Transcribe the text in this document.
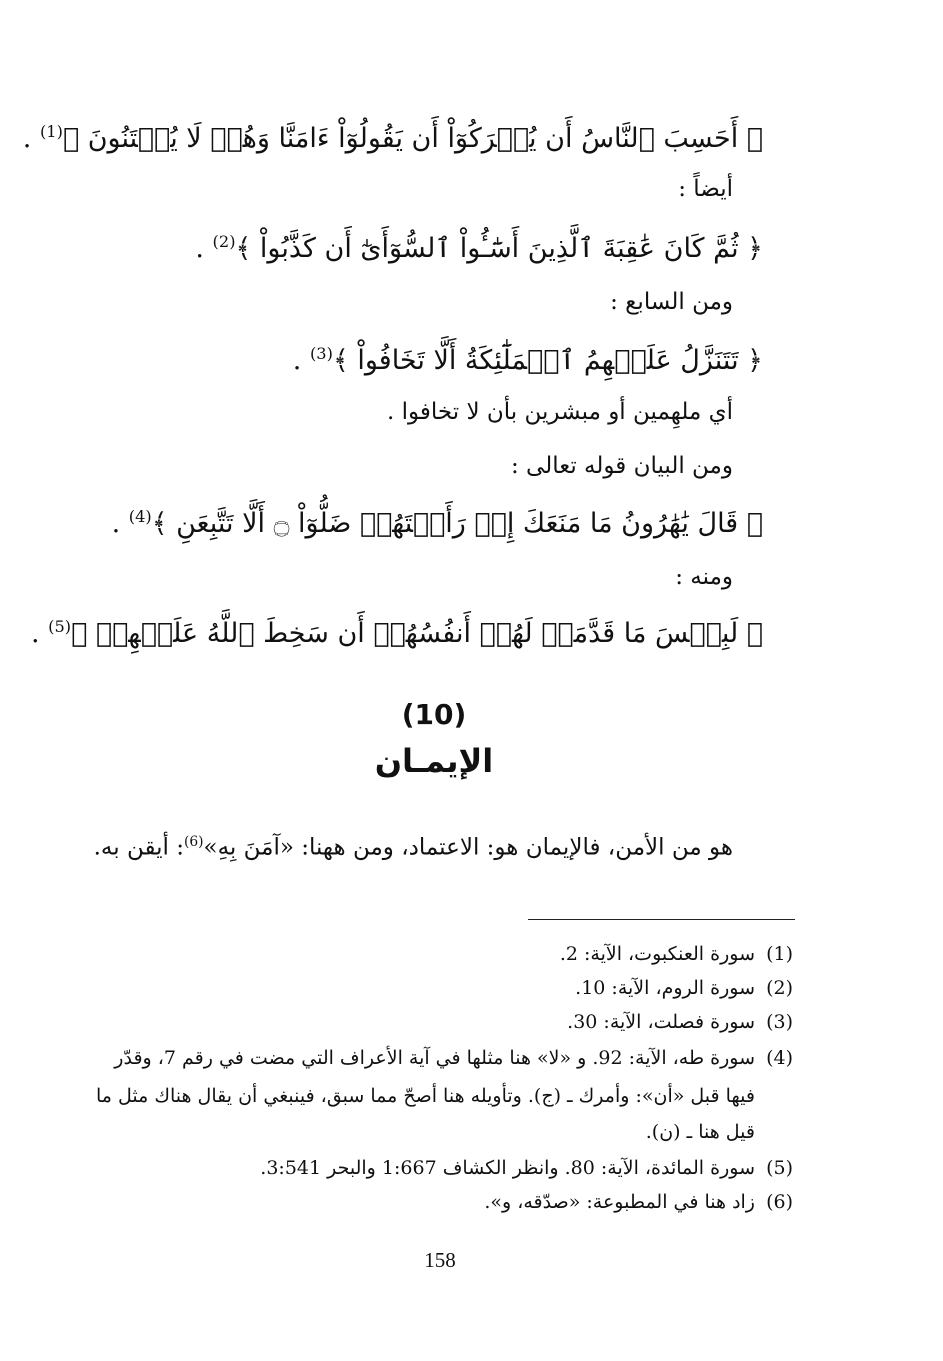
﴿ أَحَسِبَ ٱلنَّاسُ أَن يُتۡرَكُوٓاْ أَن يَقُولُوٓاْ ءَامَنَّا وَهُمۡ لَا يُفۡتَنُونَ ﴾$^{(1)}$ .
أيضاً :
﴿ ثُمَّ كَانَ عَٰقِبَةَ ٱلَّذِينَ أَسَٰٓـُٔواْ ٱلسُّوٓأَىٰٓ أَن كَذَّبُواْ ﴾$^{(2)}$ .
ومن السابع :
﴿ تَتَنَزَّلُ عَلَيۡهِمُ ٱلۡمَلَٰٓئِكَةُ أَلَّا تَخَافُواْ ﴾$^{(3)}$ .
أي ملهِمين أو مبشرين بأن لا تخافوا .
ومن البيان قوله تعالى :
﴿ قَالَ يَٰهَٰرُونُ مَا مَنَعَكَ إِذۡ رَأَيۡتَهُمۡ ضَلُّوٓاْ ۝ أَلَّا تَتَّبِعَنِ ﴾$^{(4)}$ .
ومنه :
﴿ لَبِئۡسَ مَا قَدَّمَتۡ لَهُمۡ أَنفُسُهُمۡ أَن سَخِطَ ٱللَّهُ عَلَيۡهِمۡ ﴾$^{(5)}$ .
(10)
الإيمـان
هو من الأمن، فالإيمان هو: الاعتماد، ومن ههنا: «آمَنَ بِهِ»$^{(6)}$: أيقن به.
(1)سورة العنكبوت، الآية: 2.
(2)سورة الروم، الآية: 10.
(3)سورة فصلت، الآية: 30.
(4)سورة طه، الآية: 92. و «لا» هنا مثلها في آية الأعراف التي مضت في رقم 7، وقدّر
فيها قبل «أن»: وأمرك ـ (ج). وتأويله هنا أصحّ مما سبق، فينبغي أن يقال هناك مثل ما
قيل هنا ـ (ن).
(5)سورة المائدة، الآية: 80. وانظر الكشاف 1:667 والبحر 3:541.
(6)زاد هنا في المطبوعة: «صدّقه، و».
158
